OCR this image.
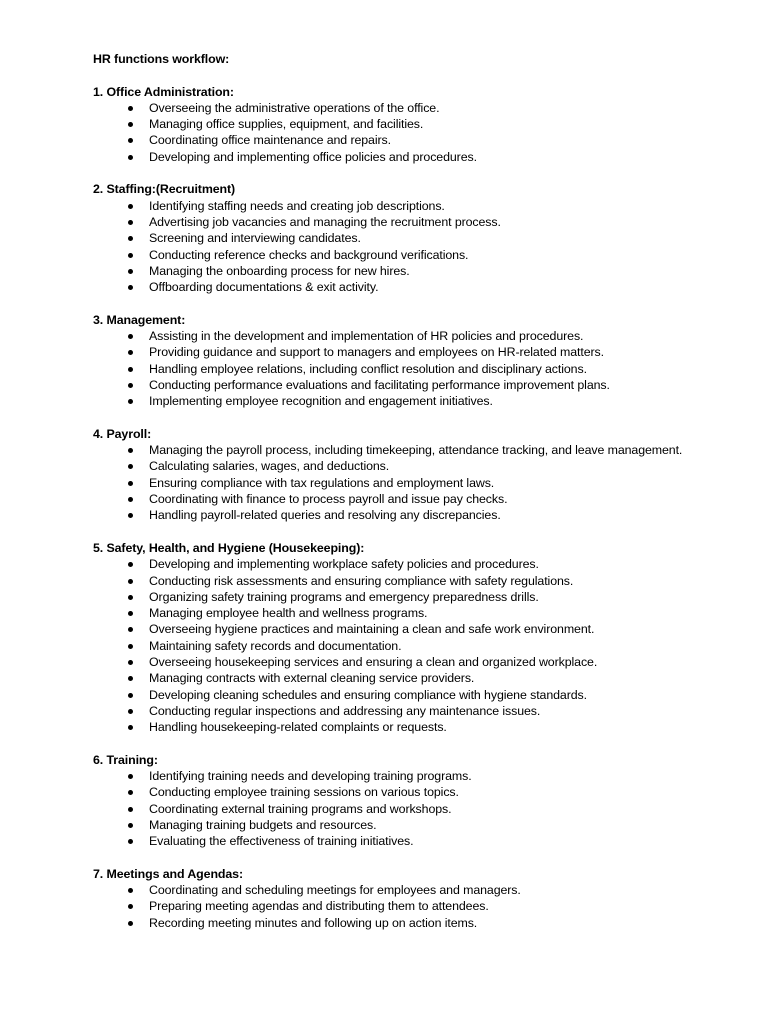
HR functions workflow:
1. Office Administration:
Overseeing the administrative operations of the office.
Managing office supplies, equipment, and facilities.
Coordinating office maintenance and repairs.
Developing and implementing office policies and procedures.
2. Staffing:(Recruitment)
Identifying staffing needs and creating job descriptions.
Advertising job vacancies and managing the recruitment process.
Screening and interviewing candidates.
Conducting reference checks and background verifications.
Managing the onboarding process for new hires.
Offboarding documentations & exit activity.
3. Management:
Assisting in the development and implementation of HR policies and procedures.
Providing guidance and support to managers and employees on HR-related matters.
Handling employee relations, including conflict resolution and disciplinary actions.
Conducting performance evaluations and facilitating performance improvement plans.
Implementing employee recognition and engagement initiatives.
4. Payroll:
Managing the payroll process, including timekeeping, attendance tracking, and leave management.
Calculating salaries, wages, and deductions.
Ensuring compliance with tax regulations and employment laws.
Coordinating with finance to process payroll and issue pay checks.
Handling payroll-related queries and resolving any discrepancies.
5. Safety, Health, and Hygiene (Housekeeping):
Developing and implementing workplace safety policies and procedures.
Conducting risk assessments and ensuring compliance with safety regulations.
Organizing safety training programs and emergency preparedness drills.
Managing employee health and wellness programs.
Overseeing hygiene practices and maintaining a clean and safe work environment.
Maintaining safety records and documentation.
Overseeing housekeeping services and ensuring a clean and organized workplace.
Managing contracts with external cleaning service providers.
Developing cleaning schedules and ensuring compliance with hygiene standards.
Conducting regular inspections and addressing any maintenance issues.
Handling housekeeping-related complaints or requests.
6. Training:
Identifying training needs and developing training programs.
Conducting employee training sessions on various topics.
Coordinating external training programs and workshops.
Managing training budgets and resources.
Evaluating the effectiveness of training initiatives.
7. Meetings and Agendas:
Coordinating and scheduling meetings for employees and managers.
Preparing meeting agendas and distributing them to attendees.
Recording meeting minutes and following up on action items.
